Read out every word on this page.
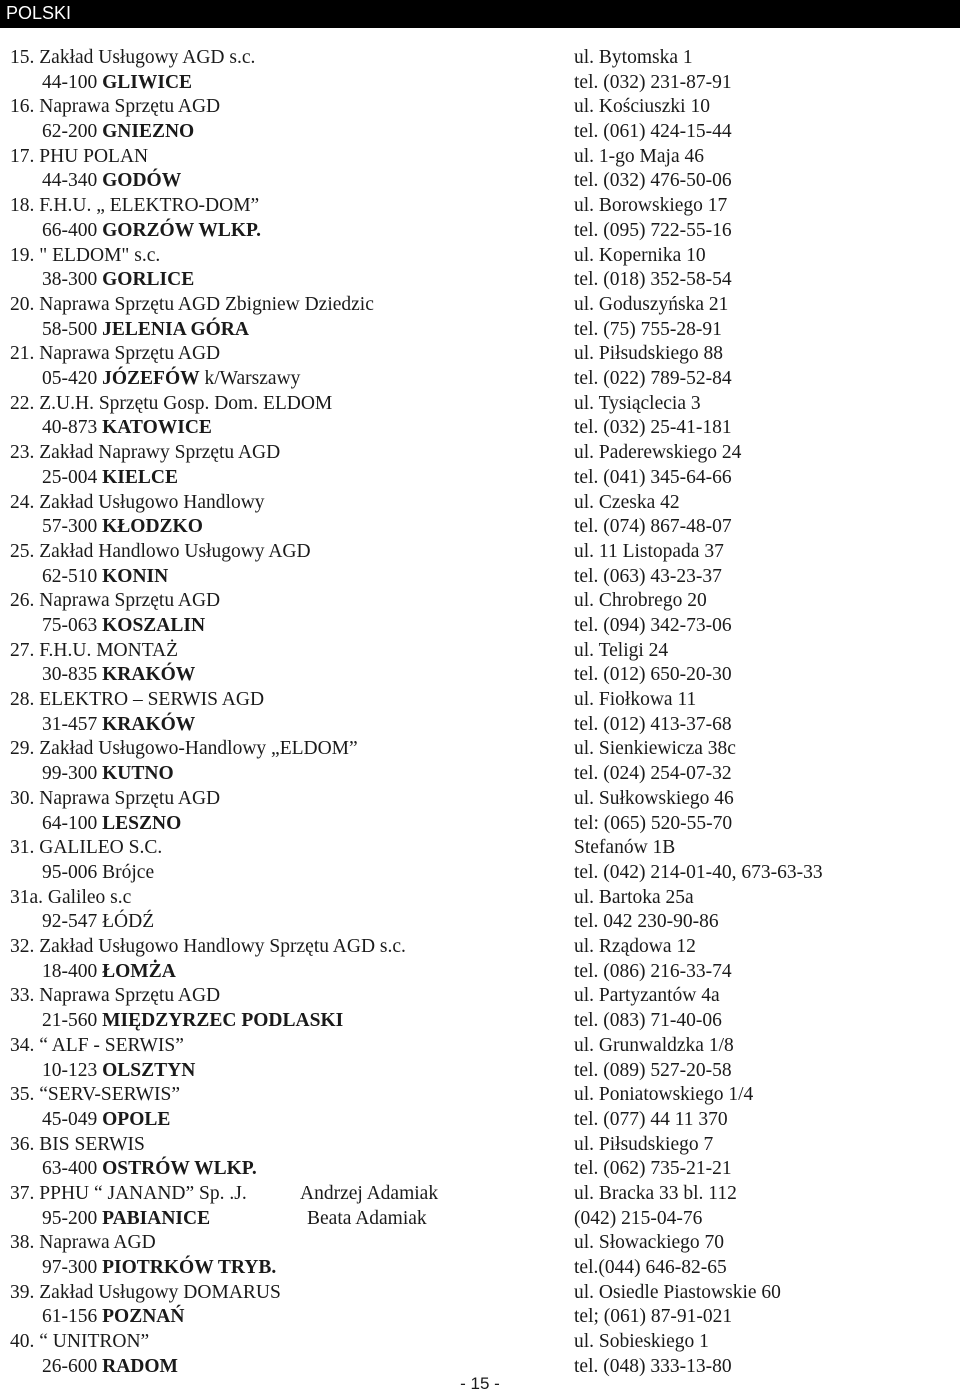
POLSKI
15. Zakład Usługowy AGD s.c.
44-100 GLIWICE
ul. Bytomska 1
tel. (032) 231-87-91
16. Naprawa Sprzętu AGD
62-200 GNIEZNO
ul. Kościuszki 10
tel. (061) 424-15-44
17. PHU POLAN
44-340 GODÓW
ul. 1-go Maja 46
tel. (032) 476-50-06
18. F.H.U. „ ELEKTRO-DOM”
66-400 GORZÓW WLKP.
ul. Borowskiego 17
tel. (095) 722-55-16
19. " ELDOM" s.c.
38-300 GORLICE
ul. Kopernika 10
tel. (018) 352-58-54
20. Naprawa Sprzętu AGD Zbigniew Dziedzic
58-500 JELENIA GÓRA
ul. Goduszyńska 21
tel. (75) 755-28-91
21. Naprawa Sprzętu AGD
05-420 JÓZEFÓW k/Warszawy
ul. Piłsudskiego 88
tel. (022) 789-52-84
22. Z.U.H. Sprzętu Gosp. Dom. ELDOM
40-873 KATOWICE
ul. Tysiąclecia 3
tel. (032) 25-41-181
23. Zakład Naprawy Sprzętu AGD
25-004 KIELCE
ul. Paderewskiego 24
tel. (041) 345-64-66
24. Zakład Usługowo Handlowy
57-300 KŁODZKO
ul. Czeska 42
tel. (074) 867-48-07
25. Zakład Handlowo Usługowy AGD
62-510 KONIN
ul. 11 Listopada 37
tel. (063) 43-23-37
26. Naprawa Sprzętu AGD
75-063 KOSZALIN
ul. Chrobrego 20
tel. (094) 342-73-06
27. F.H.U. MONTAŻ
30-835 KRAKÓW
ul. Teligi 24
tel. (012) 650-20-30
28. ELEKTRO – SERWIS AGD
31-457 KRAKÓW
ul. Fiołkowa 11
tel. (012) 413-37-68
29. Zakład Usługowo-Handlowy „ELDOM”
99-300 KUTNO
ul. Sienkiewicza 38c
tel. (024) 254-07-32
30. Naprawa Sprzętu AGD
64-100 LESZNO
ul. Sułkowskiego 46
tel: (065) 520-55-70
31. GALILEO S.C.
95-006 Brójce
Stefanów 1B
tel. (042) 214-01-40, 673-63-33
31a. Galileo s.c
92-547 ŁÓDŹ
ul. Bartoka 25a
tel. 042 230-90-86
32. Zakład Usługowo Handlowy Sprzętu AGD s.c.
18-400 ŁOMŻA
ul. Rządowa 12
tel. (086) 216-33-74
33. Naprawa Sprzętu AGD
21-560 MIĘDZYRZEC PODLASKI
ul. Partyzantów 4a
tel. (083) 71-40-06
34. “ ALF - SERWIS”
10-123 OLSZTYN
ul. Grunwaldzka 1/8
tel. (089) 527-20-58
35. “SERV-SERWIS”
45-049 OPOLE
ul. Poniatowskiego 1/4
tel. (077) 44 11 370
36. BIS SERWIS
63-400 OSTRÓW WLKP.
ul. Piłsudskiego 7
tel. (062) 735-21-21
37. PPHU “ JANAND” Sp. .J.
95-200 PABIANICE
ul. Bracka 33 bl. 112
(042) 215-04-76
Andrzej Adamiak
Beata Adamiak
38. Naprawa AGD
97-300 PIOTRKÓW TRYB.
ul. Słowackiego 70
tel.(044) 646-82-65
39. Zakład Usługowy DOMARUS
61-156 POZNAŃ
ul. Osiedle Piastowskie 60
tel; (061) 87-91-021
40. “ UNITRON”
26-600 RADOM
ul. Sobieskiego 1
tel. (048) 333-13-80
- 15 -
